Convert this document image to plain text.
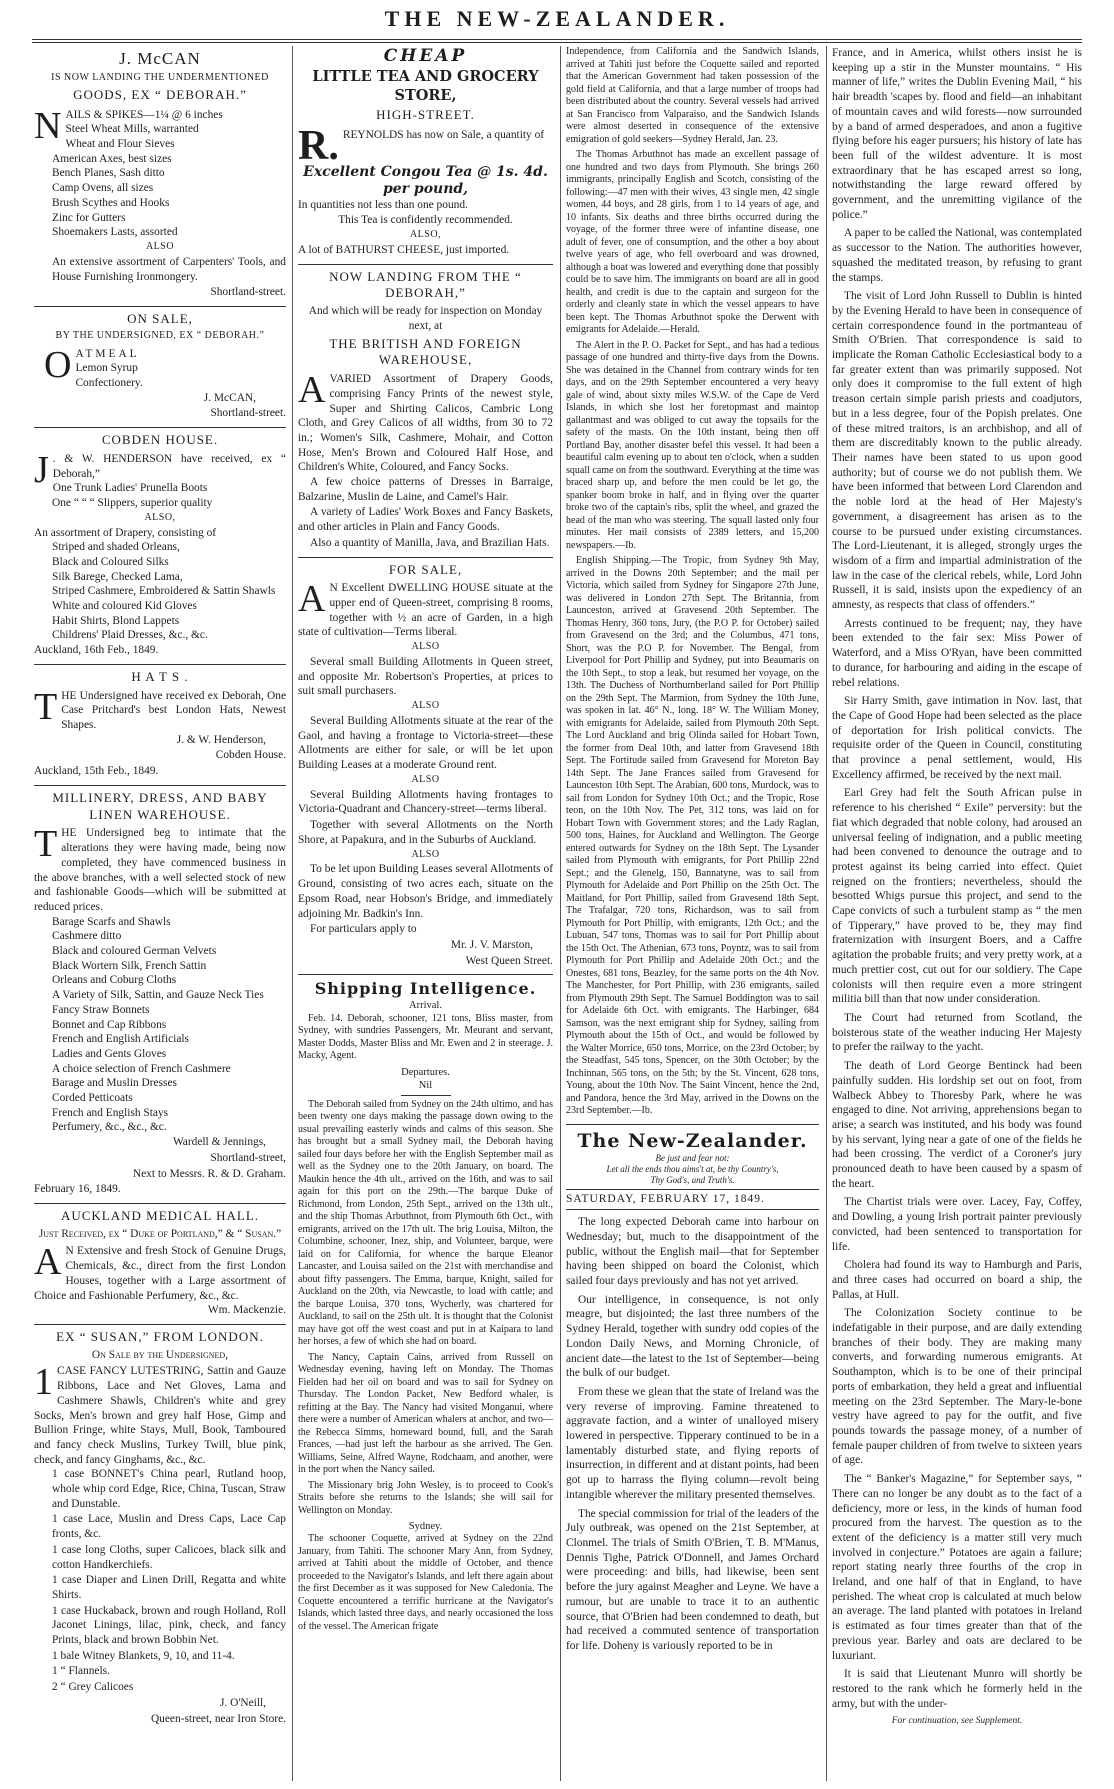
THE NEW-ZEALANDER.
J. McCAN
IS NOW LANDING THE UNDERMENTIONED
GOODS, EX “ DEBORAH.”
N AILS & SPIKES—1¼ @ 6 inches
Steel Wheat Mills, warranted
Wheat and Flour Sieves
American Axes, best sizes
Bench Planes, Sash ditto
Camp Ovens, all sizes
Brush Scythes and Hooks
Zinc for Gutters
Shoemakers Lasts, assorted
ALSO

An extensive assortment of Carpenters' Tools, and House Furnishing Ironmongery.

Shortland-street.

ON SALE,
BY THE UNDERSIGNED, EX “ DEBORAH.”
O ATMEAL
Lemon Syrup
Confectionery.

J. McCAN,

Shortland-street.

COBDEN HOUSE.
J . & W. HENDERSON have received, ex “ Deborah,”
One Trunk Ladies' Prunella Boots
One “ “ “ Slippers, superior quality
ALSO,
An assortment of Drapery, consisting of
Striped and shaded Orleans,
Black and Coloured Silks
Silk Barege, Checked Lama,
Striped Cashmere, Embroidered & Sattin Shawls
White and coloured Kid Gloves
Habit Shirts, Blond Lappets
Childrens' Plaid Dresses, &c., &c.
Auckland, 16th Feb., 1849.
H A T S .
T HE Undersigned have received ex Deborah, One Case Pritchard's best London Hats, Newest Shapes.

J. & W. Henderson,

Cobden House.

Auckland, 15th Feb., 1849.
MILLINERY, DRESS, AND BABY LINEN WAREHOUSE.
T HE Undersigned beg to intimate that the alterations they were having made, being now completed, they have commenced business in the above branches, with a well selected stock of new and fashionable Goods—which will be submitted at reduced prices.
Barage Scarfs and Shawls
Cashmere ditto
Black and coloured German Velvets
Black Wortern Silk, French Sattin
Orleans and Coburg Cloths
A Variety of Silk, Sattin, and Gauze Neck Ties
Fancy Straw Bonnets
Bonnet and Cap Ribbons
French and English Artificials
Ladies and Gents Gloves
A choice selection of French Cashmere
Barage and Muslin Dresses
Corded Petticoats
French and English Stays
Perfumery, &c., &c., &c.

Wardell & Jennings,

Shortland-street,

Next to Messrs. R. & D. Graham.

February 16, 1849.
AUCKLAND MEDICAL HALL.
Just Received, ex “ Duke of Portland,” & “ Susan.”
A N Extensive and fresh Stock of Genuine Drugs, Chemicals, &c., direct from the first London Houses, together with a Large assortment of Choice and Fashionable Perfumery, &c., &c.

Wm. Mackenzie.

EX “ SUSAN,” FROM LONDON.
On Sale by the Undersigned,
1 CASE FANCY LUTESTRING, Sattin and Gauze Ribbons, Lace and Net Gloves, Lama and Cashmere Shawls, Children's white and grey Socks, Men's brown and grey half Hose, Gimp and Bullion Fringe, white Stays, Mull, Book, Tamboured and fancy check Muslins, Turkey Twill, blue pink, check, and fancy Ginghams, &c., &c.

1 case BONNET's China pearl, Rutland hoop, whole whip cord Edge, Rice, China, Tuscan, Straw and Dunstable.

1 case Lace, Muslin and Dress Caps, Lace Cap fronts, &c.

1 case long Cloths, super Calicoes, black silk and cotton Handkerchiefs.

1 case Diaper and Linen Drill, Regatta and white Shirts.

1 case Huckaback, brown and rough Holland, Roll Jaconet Linings, lilac, pink, check, and fancy Prints, black and brown Bobbin Net.

1 bale Witney Blankets, 9, 10, and 11-4.

1 “ Flannels.

2 “ Grey Calicoes

J. O'Neill,

Queen-street, near Iron Store.

CHEAP
LITTLE TEA AND GROCERY STORE,
HIGH-STREET.
R. REYNOLDS has now on Sale, a quantity of
Excellent Congou Tea @ 1s. 4d. per pound,

In quantities not less than one pound.

This Tea is confidently recommended.

ALSO,

A lot of BATHURST CHEESE, just imported.

NOW LANDING FROM THE “ DEBORAH,”

And which will be ready for inspection on Monday next, at

THE BRITISH AND FOREIGN WAREHOUSE,
A VARIED Assortment of Drapery Goods, comprising Fancy Prints of the newest style, Super and Shirting Calicos, Cambric Long Cloth, and Grey Calicos of all widths, from 30 to 72 in.; Women's Silk, Cashmere, Mohair, and Cotton Hose, Men's Brown and Coloured Half Hose, and Children's White, Coloured, and Fancy Socks.

A few choice patterns of Dresses in Barraige, Balzarine, Muslin de Laine, and Camel's Hair.

A variety of Ladies' Work Boxes and Fancy Baskets, and other articles in Plain and Fancy Goods.

Also a quantity of Manilla, Java, and Brazilian Hats.

FOR SALE,
A N Excellent DWELLING HOUSE situate at the upper end of Queen-street, comprising 8 rooms, together with ½ an acre of Garden, in a high state of cultivation—Terms liberal.
ALSO

Several small Building Allotments in Queen street, and opposite Mr. Robertson's Properties, at prices to suit small purchasers.

ALSO

Several Building Allotments situate at the rear of the Gaol, and having a frontage to Victoria-street—these Allotments are either for sale, or will be let upon Building Leases at a moderate Ground rent.

ALSO

Several Building Allotments having frontages to Victoria-Quadrant and Chancery-street—terms liberal.

Together with several Allotments on the North Shore, at Papakura, and in the Suburbs of Auckland.

ALSO

To be let upon Building Leases several Allotments of Ground, consisting of two acres each, situate on the Epsom Road, near Hobson's Bridge, and immediately adjoining Mr. Badkin's Inn.

For particulars apply to

Mr. J. V. Marston,

West Queen Street.

Shipping Intelligence.
Arrival.

Feb. 14. Deborah, schooner, 121 tons, Bliss master, from Sydney, with sundries Passengers, Mr. Meurant and servant, Master Dodds, Master Bliss and Mr. Ewen and 2 in steerage. J. Macky, Agent.

Departures.
Nil

The Deborah sailed from Sydney on the 24th ultimo, and has been twenty one days making the passage down owing to the usual prevailing easterly winds and calms of this season. She has brought but a small Sydney mail, the Deborah having sailed four days before her with the English September mail as well as the Sydney one to the 20th January, on board. The Maukin hence the 4th ult., arrived on the 16th, and was to sail again for this port on the 29th.—The barque Duke of Richmond, from London, 25th Sept., arrived on the 13th ult., and the ship Thomas Arbuthnot, from Plymouth 6th Oct., with emigrants, arrived on the 17th ult. The brig Louisa, Milton, the Columbine, schooner, Inez, ship, and Volunteer, barque, were laid on for California, for whence the barque Eleanor Lancaster, and Louisa sailed on the 21st with merchandise and about fifty passengers. The Emma, barque, Knight, sailed for Auckland on the 20th, via Newcastle, to load with cattle; and the barque Louisa, 370 tons, Wycherly, was chartered for Auckland, to sail on the 25th ult. It is thought that the Colonist may have got off the west coast and put in at Kaipara to land her horses, a few of which she had on board.

The Nancy, Captain Cains, arrived from Russell on Wednesday evening, having left on Monday. The Thomas Fielden had her oil on board and was to sail for Sydney on Thursday. The London Packet, New Bedford whaler, is refitting at the Bay. The Nancy had visited Monganui, where there were a number of American whalers at anchor, and two—the Rebecca Simms, homeward bound, full, and the Sarah Frances, —had just left the harbour as she arrived. The Gen. Williams, Seine, Alfred Wayne, Rodchaam, and another, were in the port when the Nancy sailed.

The Missionary brig John Wesley, is to proceed to Cook's Straits before she returns to the Islands; she will sail for Wellington on Monday.

Sydney.

The schooner Coquette, arrived at Sydney on the 22nd January, from Tahiti. The schooner Mary Ann, from Sydney, arrived at Tahiti about the middle of October, and thence proceeded to the Navigator's Islands, and left there again about the first December as it was supposed for New Caledonia. The Coquette encountered a terrific hurricane at the Navigator's Islands, which lasted three days, and nearly occasioned the loss of the vessel. The American frigate

Independence, from California and the Sandwich Islands, arrived at Tahiti just before the Coquette sailed and reported that the American Government had taken possession of the gold field at California, and that a large number of troops had been distributed about the country. Several vessels had arrived at San Francisco from Valparaiso, and the Sandwich Islands were almost deserted in consequence of the extensive emigration of gold seekers—Sydney Herald, Jan. 23.

The Thomas Arbuthnot has made an excellent passage of one hundred and two days from Plymouth. She brings 260 immigrants, principally English and Scotch, consisting of the following:—47 men with their wives, 43 single men, 42 single women, 44 boys, and 28 girls, from 1 to 14 years of age, and 10 infants. Six deaths and three births occurred during the voyage, of the former three were of infantine disease, one adult of fever, one of consumption, and the other a boy about twelve years of age, who fell overboard and was drowned, although a boat was lowered and everything done that possibly could be to save him. The immigrants on board are all in good health, and credit is due to the captain and surgeon for the orderly and cleanly state in which the vessel appears to have been kept. The Thomas Arbuthnot spoke the Derwent with emigrants for Adelaide.—Herald.

The Alert in the P. O. Packet for Sept., and has had a tedious passage of one hundred and thirty-five days from the Downs. She was detained in the Channel from contrary winds for ten days, and on the 29th September encountered a very heavy gale of wind, about sixty miles W.S.W. of the Cape de Verd Islands, in which she lost her foretopmast and maintop gallantmast and was obliged to cut away the topsails for the safety of the masts. On the 10th instant, being then off Portland Bay, another disaster befel this vessel. It had been a beautiful calm evening up to about ten o'clock, when a sudden squall came on from the southward. Everything at the time was braced sharp up, and before the men could be let go, the spanker boom broke in half, and in flying over the quarter broke two of the captain's ribs, split the wheel, and grazed the head of the man who was steering. The squall lasted only four minutes. Her mail consists of 2389 letters, and 15,200 newspapers.—Ib.

English Shipping.—The Tropic, from Sydney 9th May, arrived in the Downs 20th September; and the mail per Victoria, which sailed from Sydney for Singapore 27th June, was delivered in London 27th Sept. The Britannia, from Launceston, arrived at Gravesend 20th September. The Thomas Henry, 360 tons, Jury, (the P.O P. for October) sailed from Gravesend on the 3rd; and the Columbus, 471 tons, Short, was the P.O P. for November. The Bengal, from Liverpool for Port Phillip and Sydney, put into Beaumaris on the 10th Sept., to stop a leak, but resumed her voyage, on the 13th. The Duchess of Northumberland sailed for Port Phillip on the 29th Sept. The Marmion, from Sydney the 10th June, was spoken in lat. 46° N., long. 18° W. The William Money, with emigrants for Adelaide, sailed from Plymouth 20th Sept. The Lord Auckland and brig Olinda sailed for Hobart Town, the former from Deal 10th, and latter from Gravesend 18th Sept. The Fortitude sailed from Gravesend for Moreton Bay 14th Sept. The Jane Frances sailed from Gravesend for Launceston 10th Sept. The Arabian, 600 tons, Murdock, was to sail from London for Sydney 10th Oct.; and the Tropic, Rose teon, on the 10th Nov. The Pet, 312 tons, was laid on for Hobart Town with Government stores; and the Lady Raglan, 500 tons, Haines, for Auckland and Wellington. The George entered outwards for Sydney on the 18th Sept. The Lysander sailed from Plymouth with emigrants, for Port Phillip 22nd Sept.; and the Glenelg, 150, Bannatyne, was to sail from Plymouth for Adelaide and Port Phillip on the 25th Oct. The Maitland, for Port Phillip, sailed from Gravesend 18th Sept. The Trafalgar, 720 tons, Richardson, was to sail from Plymouth for Port Phillip, with emigrants, 12th Oct.; and the Lubuan, 547 tons, Thomas was to sail for Port Phillip about the 15th Oct. The Athenian, 673 tons, Poyntz, was to sail from Plymouth for Port Phillip and Adelaide 20th Oct.; and the Onestes, 681 tons, Beazley, for the same ports on the 4th Nov. The Manchester, for Port Phillip, with 236 emigrants, sailed from Plymouth 29th Sept. The Samuel Boddington was to sail for Adelaide 6th Oct. with emigrants. The Harbinger, 684 Samson, was the next emigrant ship for Sydney, sailing from Plymouth about the 15th of Oct., and would be followed by the Walter Morrice, 650 tons, Morrice, on the 23rd October; by the Steadfast, 545 tons, Spencer, on the 30th October; by the Inchinnan, 565 tons, on the 5th; by the St. Vincent, 628 tons, Young, about the 10th Nov. The Saint Vincent, hence the 2nd, and Pandora, hence the 3rd May, arrived in the Downs on the 23rd September.—Ib.

The New-Zealander.
Be just and fear not:
Let all the ends thou aims't at, be thy Country's,
Thy God's, and Truth's.
SATURDAY, FEBRUARY 17, 1849.

The long expected Deborah came into harbour on Wednesday; but, much to the disappointment of the public, without the English mail—that for September having been shipped on board the Colonist, which sailed four days previously and has not yet arrived.

Our intelligence, in consequence, is not only meagre, but disjointed; the last three numbers of the Sydney Herald, together with sundry odd copies of the London Daily News, and Morning Chronicle, of ancient date—the latest to the 1st of September—being the bulk of our budget.

From these we glean that the state of Ireland was the very reverse of improving. Famine threatened to aggravate faction, and a winter of unalloyed misery lowered in perspective. Tipperary continued to be in a lamentably disturbed state, and flying reports of insurrection, in different and at distant points, had been got up to harrass the flying column—revolt being intangible wherever the military presented themselves.

The special commission for trial of the leaders of the July outbreak, was opened on the 21st September, at Clonmel. The trials of Smith O'Brien, T. B. M'Manus, Dennis Tighe, Patrick O'Donnell, and James Orchard were proceeding: and bills, had likewise, been sent before the jury against Meagher and Leyne. We have a rumour, but are unable to trace it to an authentic source, that O'Brien had been condemned to death, but had received a commuted sentence of transportation for life. Doheny is variously reported to be in

France, and in America, whilst others insist he is keeping up a stir in the Munster mountains. “ His manner of life,” writes the Dublin Evening Mail, “ his hair breadth 'scapes by. flood and field—an inhabitant of mountain caves and wild forests—now surrounded by a band of armed desperadoes, and anon a fugitive flying before his eager pursuers; his history of late has been full of the wildest adventure. It is most extraordinary that he has escaped arrest so long, notwithstanding the large reward offered by government, and the unremitting vigilance of the police.”

A paper to be called the National, was contemplated as successor to the Nation. The authorities however, squashed the meditated treason, by refusing to grant the stamps.

The visit of Lord John Russell to Dublin is hinted by the Evening Herald to have been in consequence of certain correspondence found in the portmanteau of Smith O'Brien. That correspondence is said to implicate the Roman Catholic Ecclesiastical body to a far greater extent than was primarily supposed. Not only does it compromise to the full extent of high treason certain simple parish priests and coadjutors, but in a less degree, four of the Popish prelates. One of these mitred traitors, is an archbishop, and all of them are discreditably known to the public already. Their names have been stated to us upon good authority; but of course we do not publish them. We have been informed that between Lord Clarendon and the noble lord at the head of Her Majesty's government, a disagreement has arisen as to the course to be pursued under existing circumstances. The Lord-Lieutenant, it is alleged, strongly urges the wisdom of a firm and impartial administration of the law in the case of the clerical rebels, while, Lord John Russell, it is said, insists upon the expediency of an amnesty, as respects that class of offenders.”

Arrests continued to be frequent; nay, they have been extended to the fair sex: Miss Power of Waterford, and a Miss O'Ryan, have been committed to durance, for harbouring and aiding in the escape of rebel relations.

Sir Harry Smith, gave intimation in Nov. last, that the Cape of Good Hope had been selected as the place of deportation for Irish political convicts. The requisite order of the Queen in Council, constituting that province a penal settlement, would, His Excellency affirmed, be received by the next mail.

Earl Grey had felt the South African pulse in reference to his cherished “ Exile” perversity: but the fiat which degraded that noble colony, had aroused an universal feeling of indignation, and a public meeting had been convened to denounce the outrage and to protest against its being carried into effect. Quiet reigned on the frontiers; nevertheless, should the besotted Whigs pursue this project, and send to the Cape convicts of such a turbulent stamp as “ the men of Tipperary,” have proved to be, they may find fraternization with insurgent Boers, and a Caffre agitation the probable fruits; and very pretty work, at a much prettier cost, cut out for our soldiery. The Cape colonists will then require even a more stringent militia bill than that now under consideration.

The Court had returned from Scotland, the boisterous state of the weather inducing Her Majesty to prefer the railway to the yacht.

The death of Lord George Bentinck had been painfully sudden. His lordship set out on foot, from Walbeck Abbey to Thoresby Park, where he was engaged to dine. Not arriving, apprehensions began to arise; a search was instituted, and his body was found by his servant, lying near a gate of one of the fields he had been crossing. The verdict of a Coroner's jury pronounced death to have been caused by a spasm of the heart.

The Chartist trials were over. Lacey, Fay, Coffey, and Dowling, a young Irish portrait painter previously convicted, had been sentenced to transportation for life.

Cholera had found its way to Hamburgh and Paris, and three cases had occurred on board a ship, the Pallas, at Hull.

The Colonization Society continue to be indefatigable in their purpose, and are daily extending branches of their body. They are making many converts, and forwarding numerous emigrants. At Southampton, which is to be one of their principal ports of embarkation, they held a great and influential meeting on the 23rd September. The Mary-le-bone vestry have agreed to pay for the outfit, and five pounds towards the passage money, of a number of female pauper children of from twelve to sixteen years of age.

The “ Banker's Magazine,” for September says, “ There can no longer be any doubt as to the fact of a deficiency, more or less, in the kinds of human food procured from the harvest. The question as to the extent of the deficiency is a matter still very much involved in conjecture.” Potatoes are again a failure; report stating nearly three fourths of the crop in Ireland, and one half of that in England, to have perished. The wheat crop is calculated at much below an average. The land planted with potatoes in Ireland is estimated as four times greater than that of the previous year. Barley and oats are declared to be luxuriant.

It is said that Lieutenant Munro will shortly be restored to the rank which he formerly held in the army, but with the under-

For continuation, see Supplement.
